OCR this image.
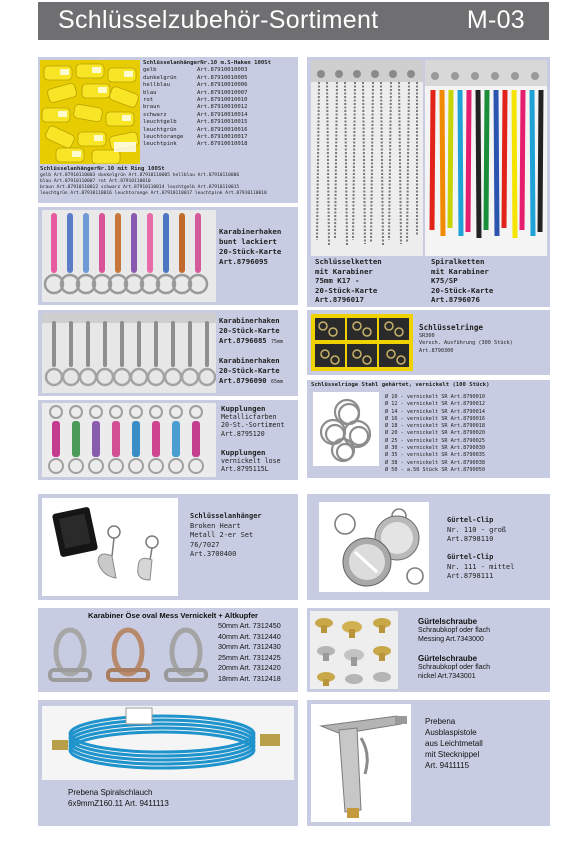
Schlüsselzubehör-Sortiment	M-03
SchlüsselanhängerNr.10 m.S-Haken 100St
gelb	Art.87910010003
dunkelgrün	Art.87910010005
hellblau	Art.87910010006
blau	Art.87910010007
rot	Art.87910010010
braun	Art.87910010012
schwarz	Art.87910010014
leuchtgelb	Art.87910010015
leuchtgrün	Art.87910010016
leuchtorange	Art.87910010017
leuchtpink	Art.87910010018
SchlüsselanhängerNr.10 mit Ring 100St
gelb Art.87910110003 dunkelgrün Art.87910110005 hellblau Art.87910110006
blau Art.87910110007 rot Art.87910110010
braun Art.87910110012 schwarz Art.87910110014 leuchtgelb Art.87910110015
leuchtgrün Art.87910110016 leuchtorange Art.87910110017 leuchtpink Art.87910110018
Schlüsselketten
mit Karabiner
75mm K17 -
20-Stück-Karte
Art.8796017
Spiralketten
mit Karabiner
K75/SP
20-Stück-Karte
Art.8796076
Karabinerhaken
bunt lackiert
20-Stück-Karte
Art.8796095
Karabinerhaken
20-Stück-Karte
Art.8796085 75mm
Karabinerhaken
20-Stück-Karte
Art.8796090 65mm
Schlüsselringe
SR300
Versch. Ausführung (300 Stück)
Art.8790300
Kupplungen
Metallicfarben
20-St.-Sortiment
Art.8795120
Kupplungen
vernickelt lose
Art.8795115L
Schlüsselringe Stahl gehärtet, vernickelt (100 Stück)
Ø 10 - vernickelt SR Art.8790010
Ø 12 - vernickelt SR Art.8790012
Ø 14 - vernickelt SR Art.8790014
Ø 16 - vernickelt SR Art.8790016
Ø 18 - vernickelt SR Art.8790018
Ø 20 - vernickelt SR Art.8790020
Ø 25 - vernickelt SR Art.8790025
Ø 30 - vernickelt SR Art.8790030
Ø 35 - vernickelt SR Art.8790035
Ø 38 - vernickelt SR Art.8790038
Ø 50 - a.50 Stück SR Art.8790050
Schlüsselanhänger
Broken Heart
Metall 2-er Set
76/7027
Art.3700400
Gürtel-Clip
Nr. 110 - groß
Art.8798110
Gürtel-Clip
Nr. 111 - mittel
Art.8798111
Karabiner Öse oval Mess Vernickelt + Altkupfer
50mm Art. 7312450
40mm Art. 7312440
30mm Art. 7312430
25mm Art. 7312425
20mm Art. 7312420
18mm Art. 7312418
Gürtelschraube
Schraubkopf oder flach
Messing Art.7343000
Gürtelschraube
Schraubkopf oder flach
nickel Art.7343001
Prebena Spiralschlauch
6x9mmZ160.11 Art. 9411113
Prebena
Ausblaspistole
aus Leichtmetall
mit Stecknippel
Art. 9411115
